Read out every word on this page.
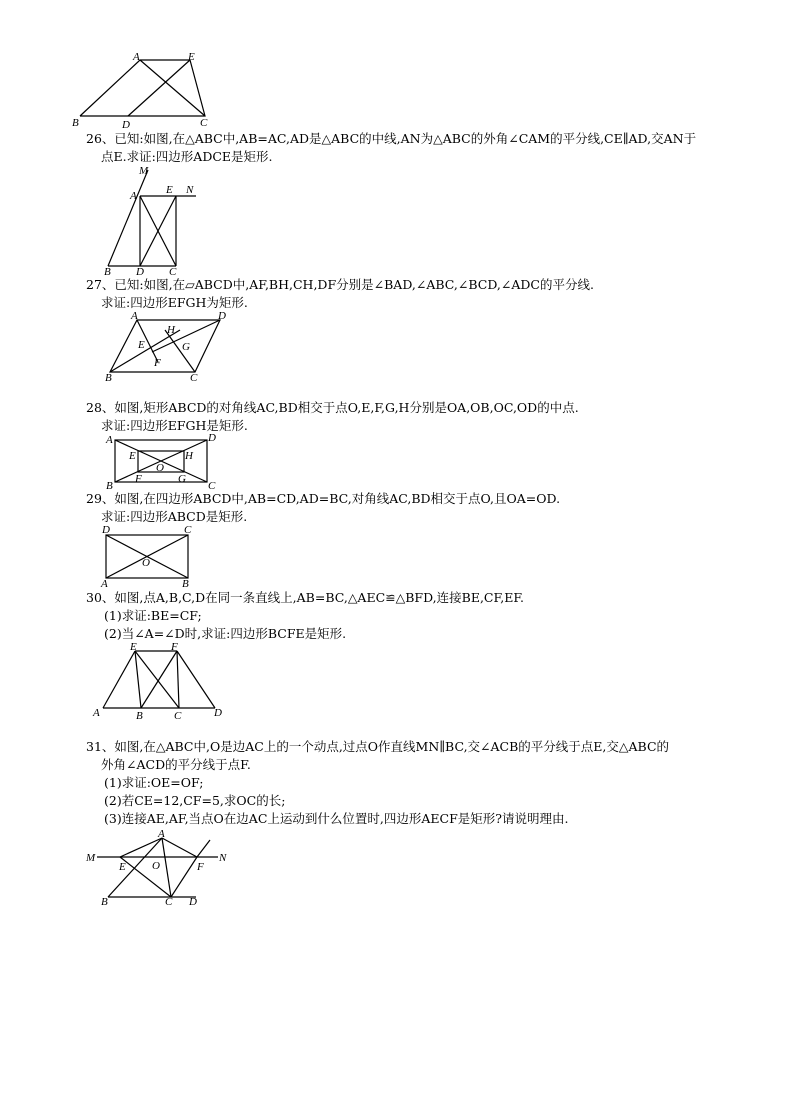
A	E
B	D	C
26、已知:如图,在△ABC中,AB=AC,AD是△ABC的中线,AN为△ABC的外角∠CAM的平分线,CE∥AD,交AN于
点E.求证:四边形ADCE是矩形.
M
A	E N
B D C
27、已知:如图,在▱ABCD中,AF,BH,CH,DF分别是∠BAD,∠ABC,∠BCD,∠ADC的平分线.
求证:四边形EFGH为矩形.
A	D
H
E	G
F
B	C
28、如图,矩形ABCD的对角线AC,BD相交于点O,E,F,G,H分别是OA,OB,OC,OD的中点.
求证:四边形EFGH是矩形.
A	D
E	H
O
B
F	G
C
29、如图,在四边形ABCD中,AB=CD,AD=BC,对角线AC,BD相交于点O,且OA=OD.
求证:四边形ABCD是矩形.
D	C
O
A	B
30、如图,点A,B,C,D在同一条直线上,AB=BC,△AEC≌△BFD,连接BE,CF,EF.
(1)求证:BE=CF;
(2)当∠A=∠D时,求证:四边形BCFE是矩形.
E	F
A	B	C	D
31、如图,在△ABC中,O是边AC上的一个动点,过点O作直线MN∥BC,交∠ACB的平分线于点E,交△ABC的
外角∠ACD的平分线于点F.
(1)求证:OE=OF;
(2)若CE=12,CF=5,求OC的长;
(3)连接AE,AF,当点O在边AC上运动到什么位置时,四边形AECF是矩形?请说明理由.
A
M
E O	F
N
B	C D
